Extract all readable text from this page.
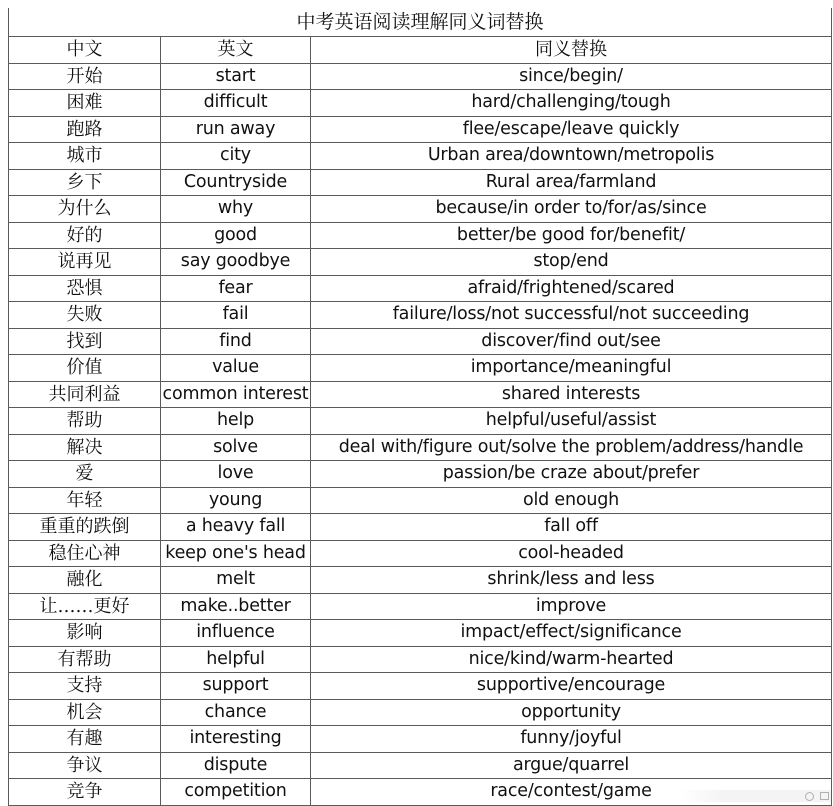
中考英语阅读理解同义词替换		
中文	英文	同义替换
开始	start	since/begin/
困难	difficult	hard/challenging/tough
跑路	run away	flee/escape/leave quickly
城市	city	Urban area/downtown/metropolis
乡下	Countryside	Rural area/farmland
为什么	why	because/in order to/for/as/since
好的	good	better/be good for/benefit/
说再见	say goodbye	stop/end
恐惧	fear	afraid/frightened/scared
失败	fail	failure/loss/not successful/not succeeding
找到	find	discover/find out/see
价值	value	importance/meaningful
共同利益	common interest	shared interests
帮助	help	helpful/useful/assist
解决	solve	deal with/figure out/solve the problem/address/handle
爱	love	passion/be craze about/prefer
年轻	young	old enough
重重的跌倒	a heavy fall	fall off
稳住心神	keep one's head	cool-headed
融化	melt	shrink/less and less
让……更好	make..better	improve
影响	influence	impact/effect/significance
有帮助	helpful	nice/kind/warm-hearted
支持	support	supportive/encourage
机会	chance	opportunity
有趣	interesting	funny/joyful
争议	dispute	argue/quarrel
竞争	competition	race/contest/game
